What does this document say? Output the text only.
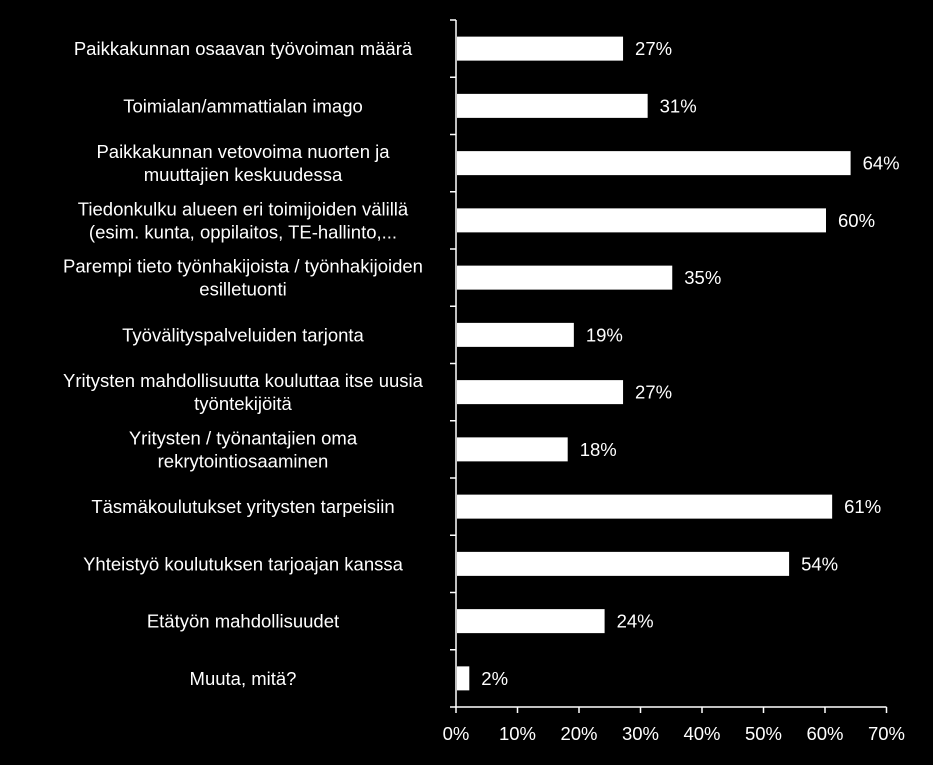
0% 10% 20% 30% 40% 50% 60% 70%
27%
Paikkakunnan osaavan työvoiman määrä
31%
Toimialan/ammattialan imago
64%
Paikkakunnan vetovoima nuorten ja muuttajien keskuudessa
60%
Tiedonkulku alueen eri toimijoiden välillä (esim. kunta, oppilaitos, TE-hallinto,...
35%
Parempi tieto työnhakijoista / työnhakijoiden esilletuonti
19%
Työvälityspalveluiden tarjonta
27%
Yritysten mahdollisuutta kouluttaa itse uusia työntekijöitä
18%
Yritysten / työnantajien oma rekrytointiosaaminen
61%
Täsmäkoulutukset yritysten tarpeisiin
54%
Yhteistyö koulutuksen tarjoajan kanssa
24%
Etätyön mahdollisuudet
2%
Muuta, mitä?
